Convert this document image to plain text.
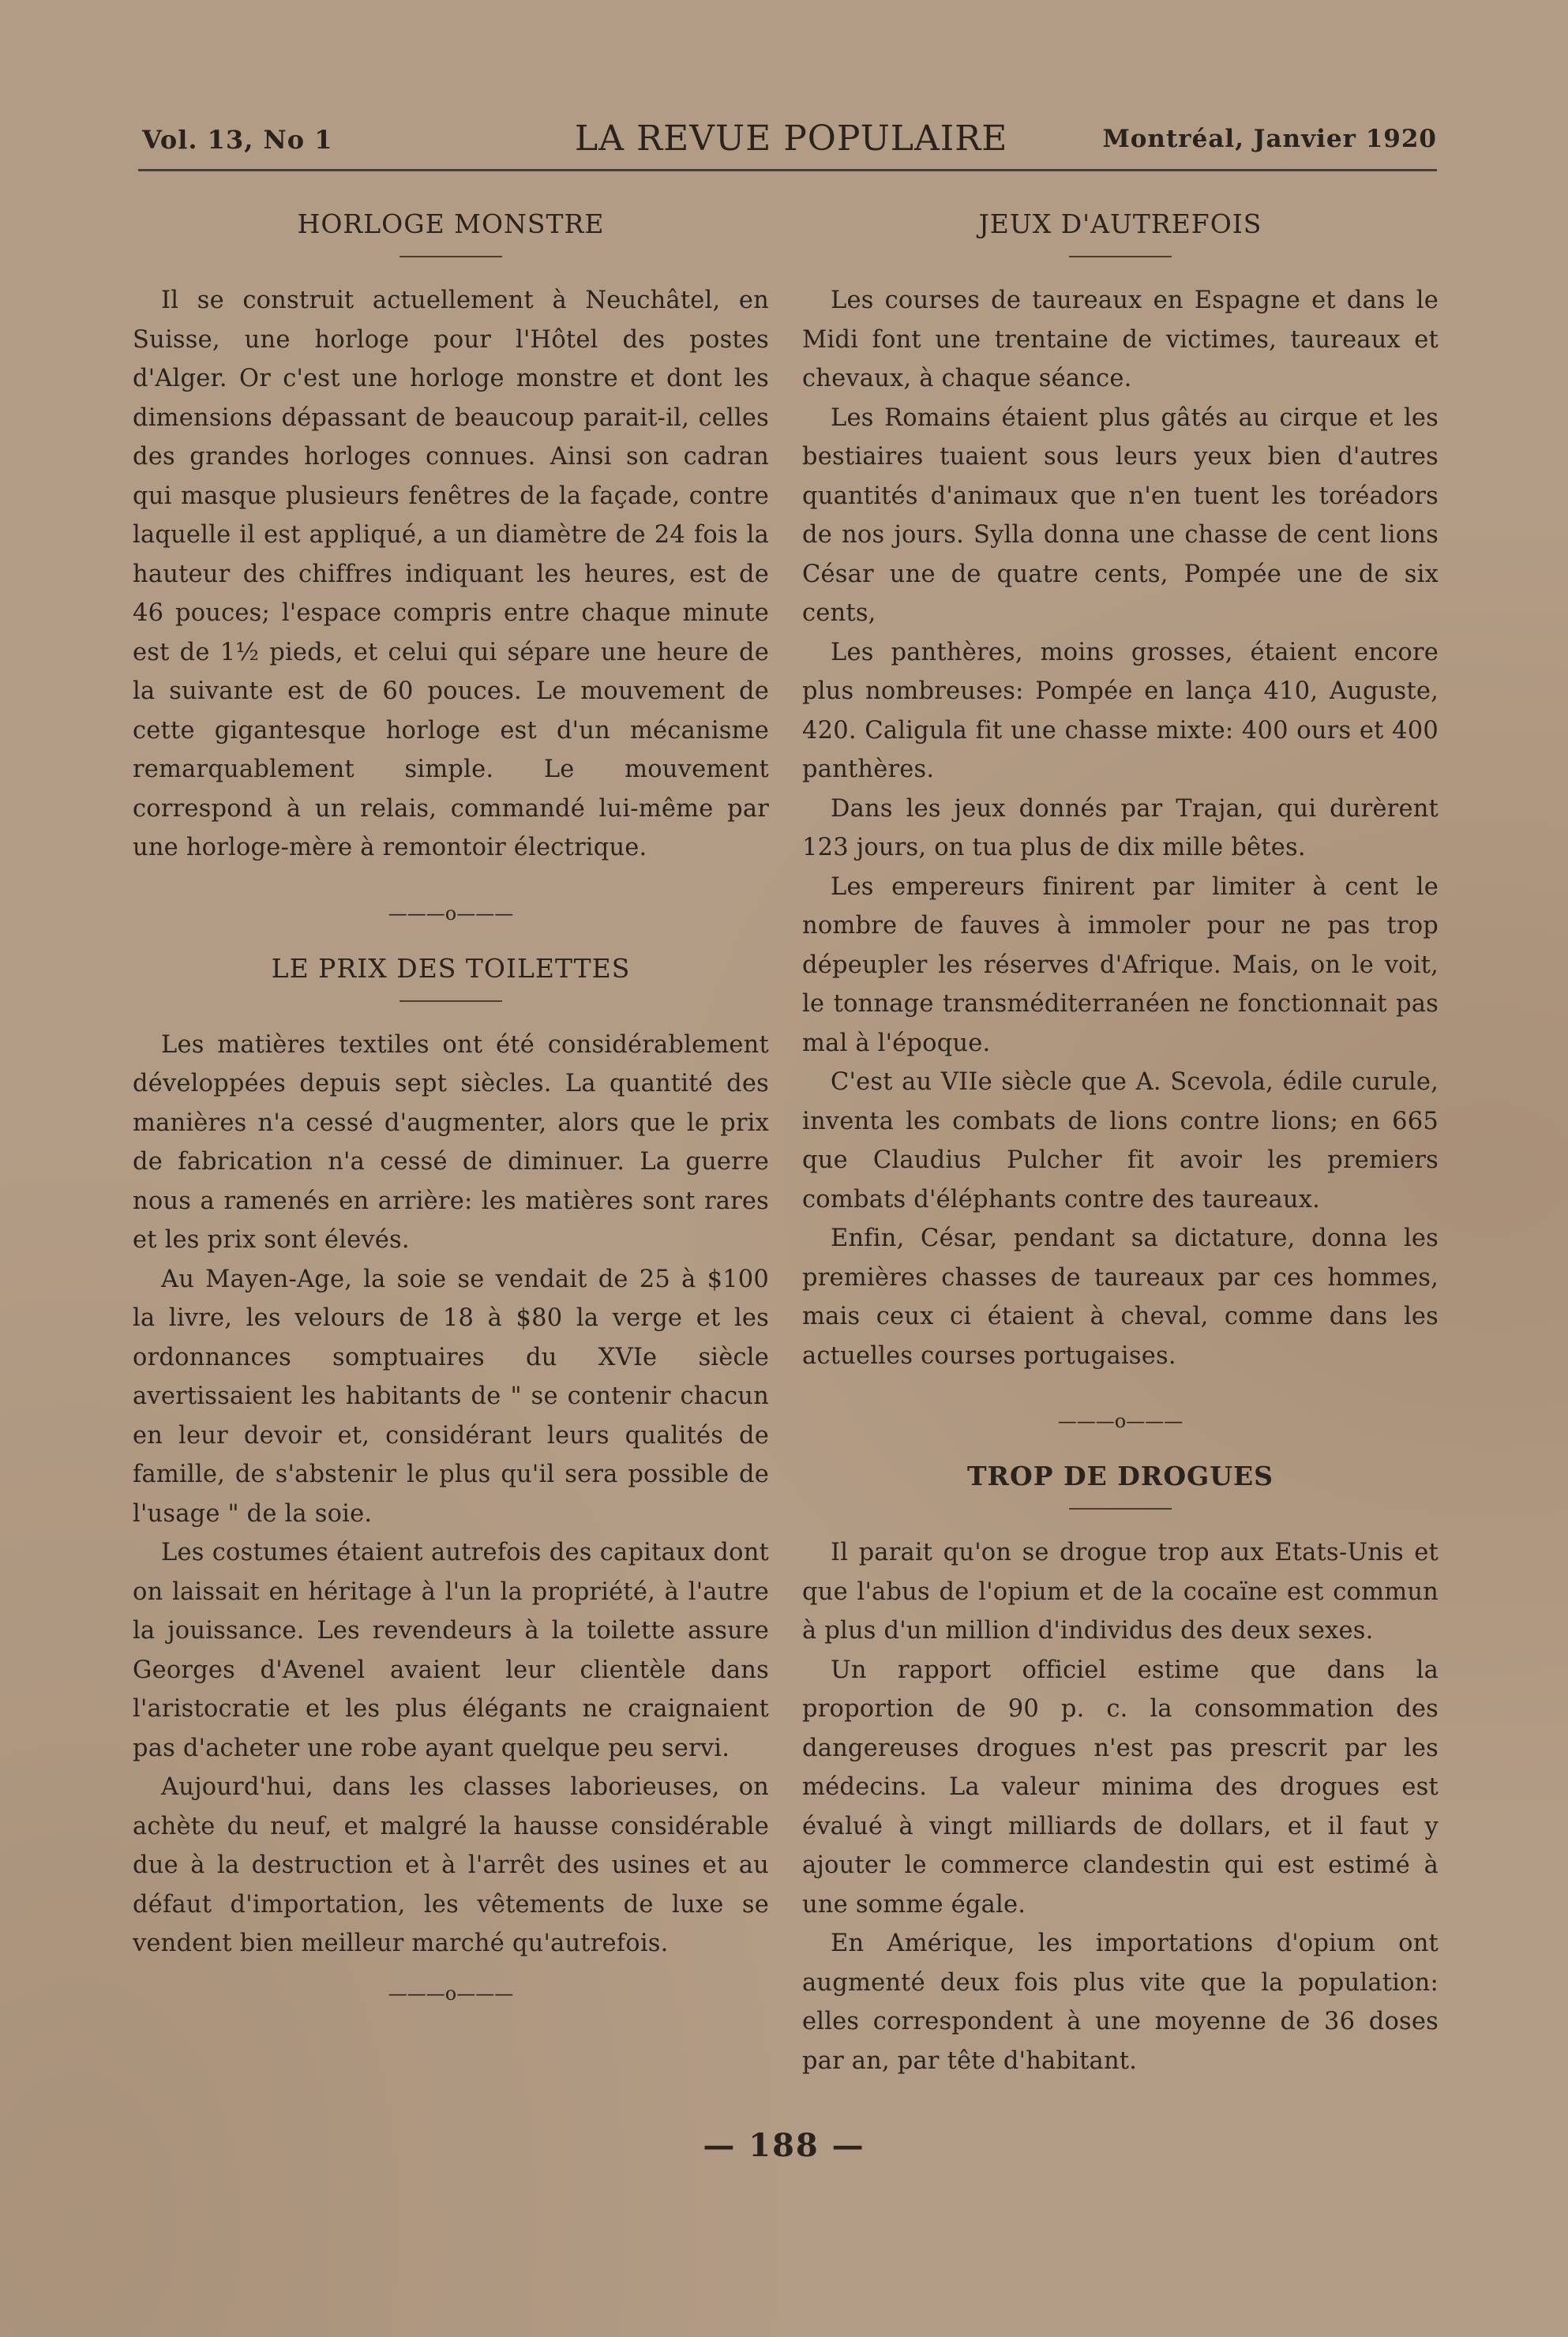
Vol. 13, No 1	LA REVUE POPULAIRE	Montréal, Janvier 1920
HORLOGE MONSTRE

Il se construit actuellement à Neuchâtel, en Suisse, une horloge pour l'Hôtel des postes d'Alger. Or c'est une horloge monstre et dont les dimensions dépassant de beaucoup parait-il, celles des grandes horloges connues. Ainsi son cadran qui masque plusieurs fenêtres de la façade, contre laquelle il est appliqué, a un diamètre de 24 fois la hauteur des chiffres indiquant les heures, est de 46 pouces; l'espace compris entre chaque minute est de 1½ pieds, et celui qui sépare une heure de la suivante est de 60 pouces. Le mouvement de cette gigantesque horloge est d'un mécanisme remarquablement simple. Le mouvement correspond à un relais, commandé lui-même par une horloge-mère à remontoir électrique.

———o———
LE PRIX DES TOILETTES

Les matières textiles ont été considérablement développées depuis sept siècles. La quantité des manières n'a cessé d'augmenter, alors que le prix de fabrication n'a cessé de diminuer. La guerre nous a ramenés en arrière: les matières sont rares et les prix sont élevés.

Au Mayen-Age, la soie se vendait de 25 à $100 la livre, les velours de 18 à $80 la verge et les ordonnances somptuaires du XVIe siècle avertissaient les habitants de " se contenir chacun en leur devoir et, considérant leurs qualités de famille, de s'abstenir le plus qu'il sera possible de l'usage " de la soie.

Les costumes étaient autrefois des capitaux dont on laissait en héritage à l'un la propriété, à l'autre la jouissance. Les revendeurs à la toilette assure Georges d'Avenel avaient leur clientèle dans l'aristocratie et les plus élégants ne craignaient pas d'acheter une robe ayant quelque peu servi.

Aujourd'hui, dans les classes laborieuses, on achète du neuf, et malgré la hausse considérable due à la destruction et à l'arrêt des usines et au défaut d'importation, les vêtements de luxe se vendent bien meilleur marché qu'autrefois.

———o———
JEUX D'AUTREFOIS

Les courses de taureaux en Espagne et dans le Midi font une trentaine de victimes, taureaux et chevaux, à chaque séance.

Les Romains étaient plus gâtés au cirque et les bestiaires tuaient sous leurs yeux bien d'autres quantités d'animaux que n'en tuent les toréadors de nos jours. Sylla donna une chasse de cent lions César une de quatre cents, Pompée une de six cents,

Les panthères, moins grosses, étaient encore plus nombreuses: Pompée en lança 410, Auguste, 420. Caligula fit une chasse mixte: 400 ours et 400 panthères.

Dans les jeux donnés par Trajan, qui durèrent 123 jours, on tua plus de dix mille bêtes.

Les empereurs finirent par limiter à cent le nombre de fauves à immoler pour ne pas trop dépeupler les réserves d'Afrique. Mais, on le voit, le tonnage transméditerranéen ne fonctionnait pas mal à l'époque.

C'est au VIIe siècle que A. Scevola, édile curule, inventa les combats de lions contre lions; en 665 que Claudius Pulcher fit avoir les premiers combats d'éléphants contre des taureaux.

Enfin, César, pendant sa dictature, donna les premières chasses de taureaux par ces hommes, mais ceux ci étaient à cheval, comme dans les actuelles courses portugaises.

———o———
TROP DE DROGUES

Il parait qu'on se drogue trop aux Etats-Unis et que l'abus de l'opium et de la cocaïne est commun à plus d'un million d'individus des deux sexes.

Un rapport officiel estime que dans la proportion de 90 p. c. la consommation des dangereuses drogues n'est pas prescrit par les médecins. La valeur minima des drogues est évalué à vingt milliards de dollars, et il faut y ajouter le commerce clandestin qui est estimé à une somme égale.

En Amérique, les importations d'opium ont augmenté deux fois plus vite que la population: elles correspondent à une moyenne de 36 doses par an, par tête d'habitant.

— 188 —
